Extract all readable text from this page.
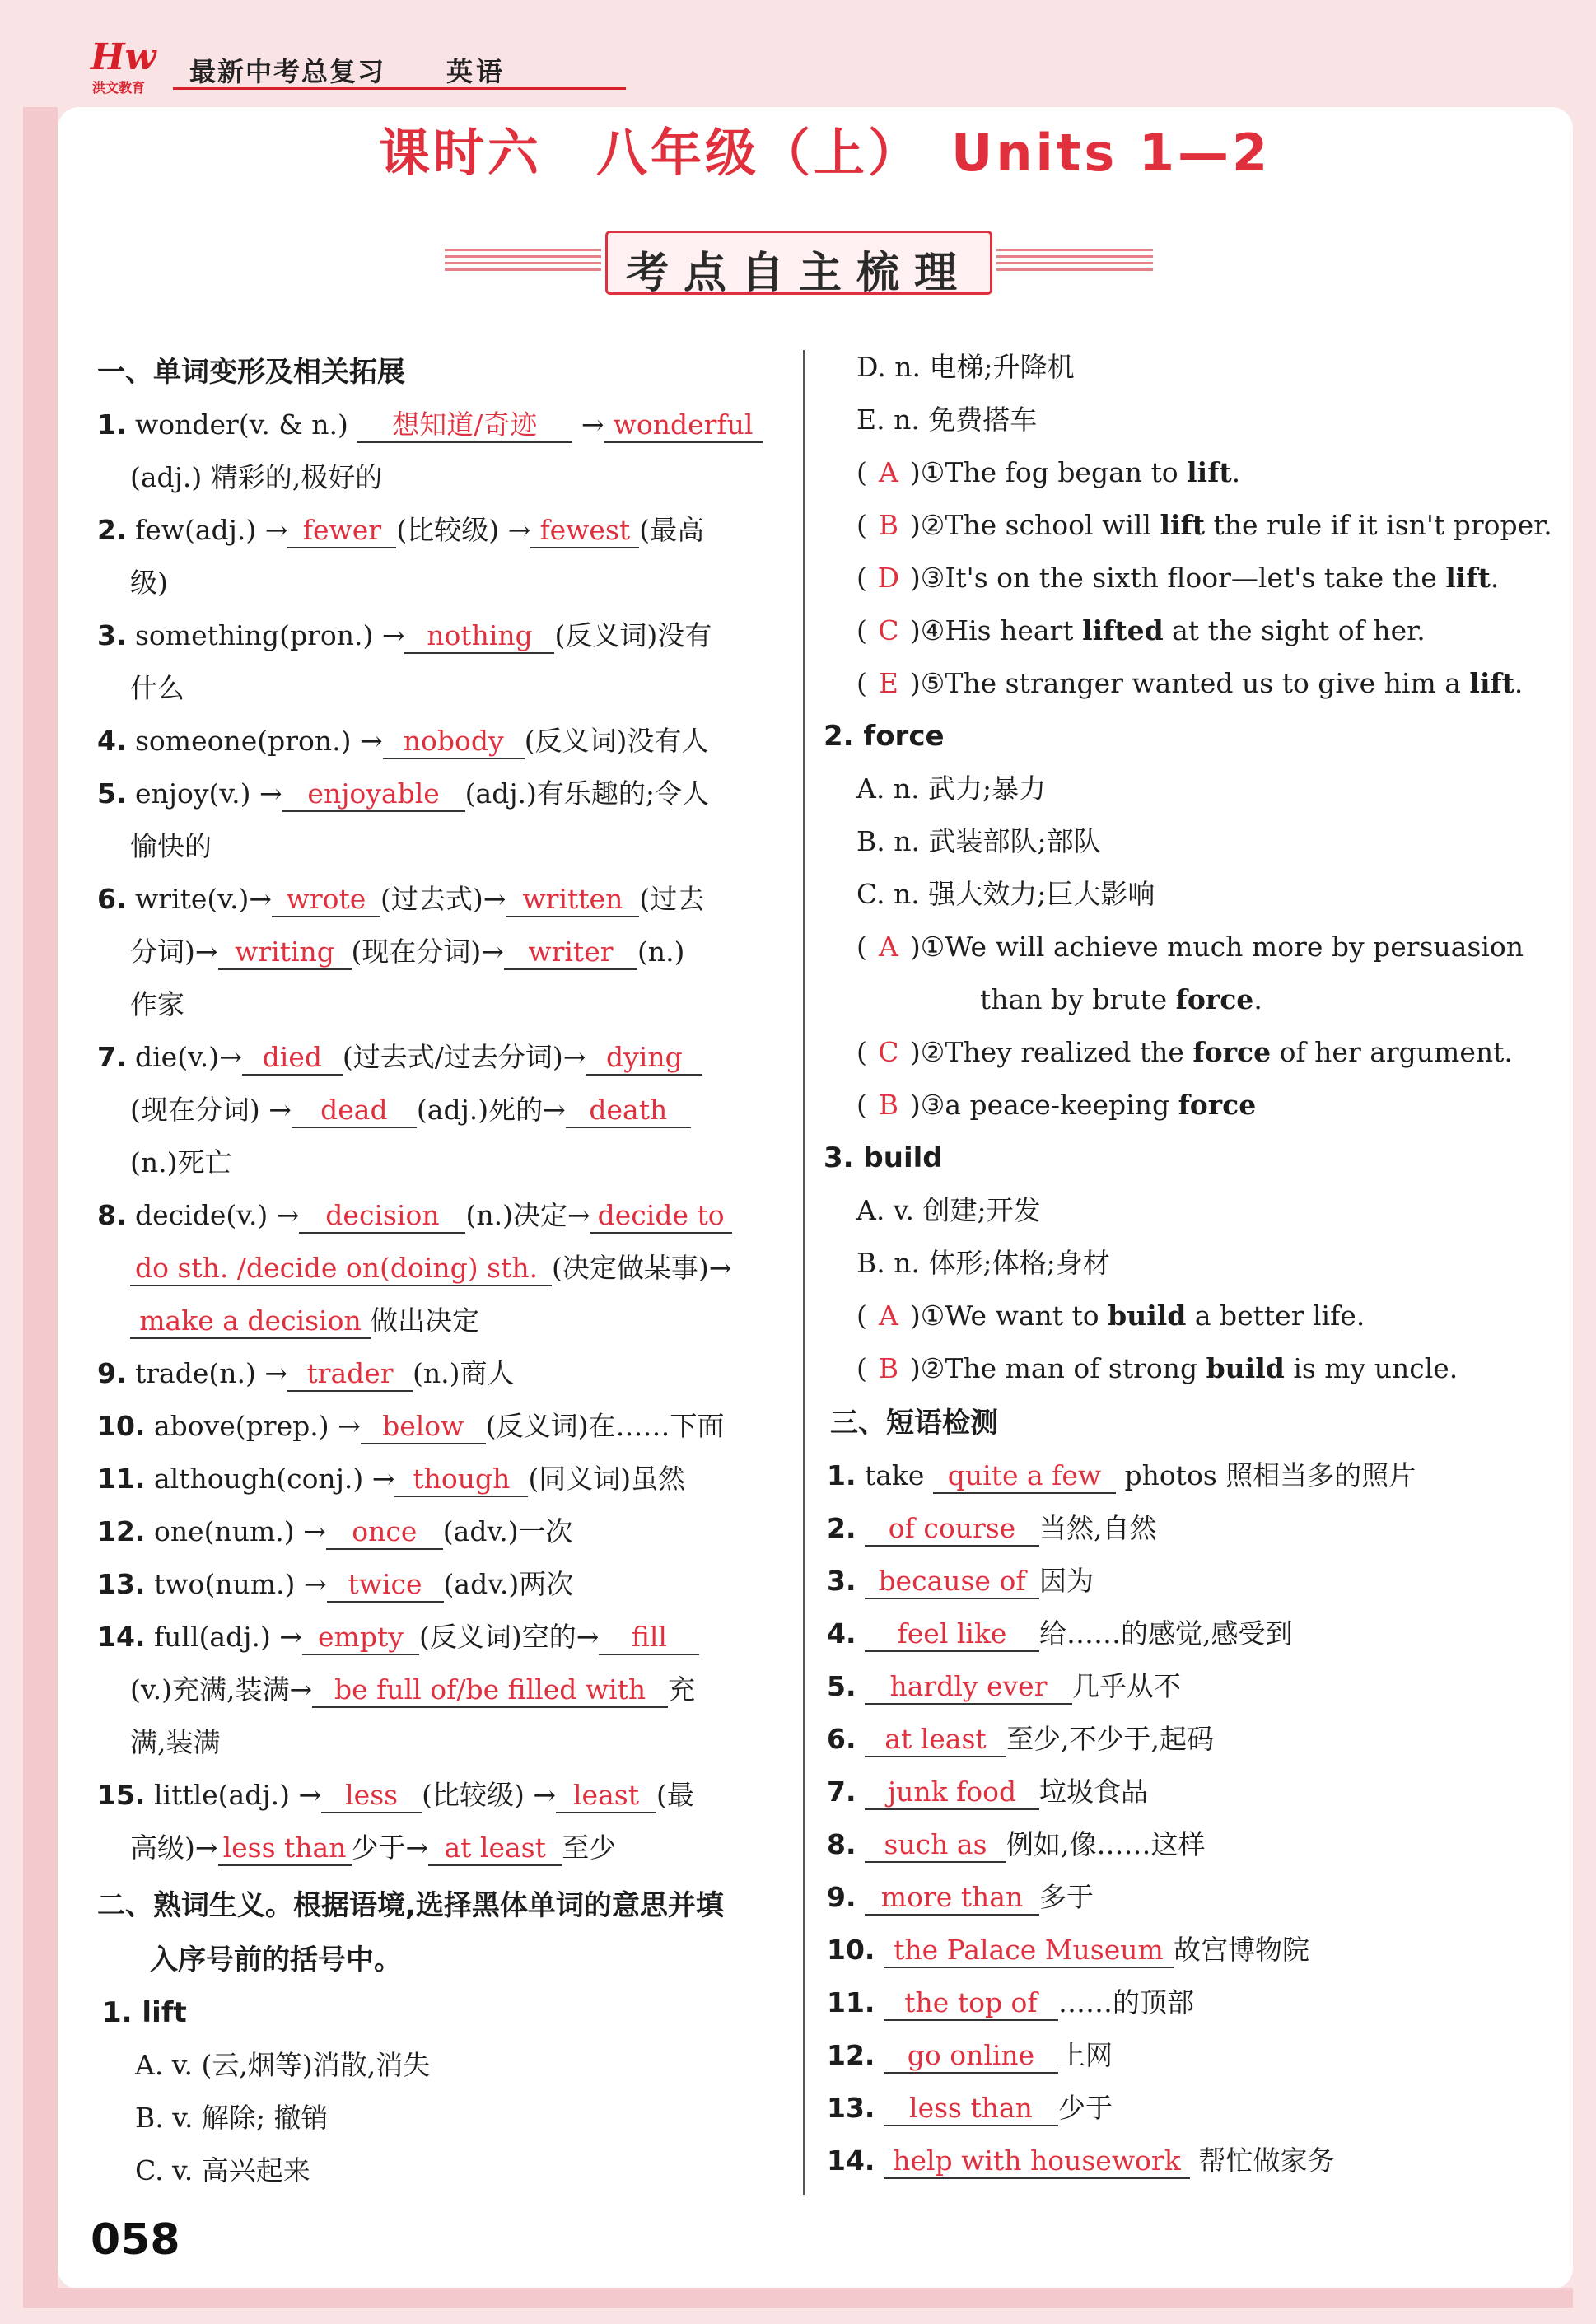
Hw
洪文教育
最新中考总复习 英语
课时六　八年级（上）　Units 1—2
考点自主梳理
一、单词变形及相关拓展
1. wonder(v. & n.) 想知道/奇迹 → wonderful
(adj.) 精彩的,极好的
2. few(adj.) → fewer (比较级) → fewest (最高
级)
3. something(pron.) → nothing (反义词)没有
什么
4. someone(pron.) → nobody (反义词)没有人
5. enjoy(v.) → enjoyable (adj.)有乐趣的;令人
愉快的
6. write(v.)→ wrote (过去式)→ written (过去
分词)→ writing (现在分词)→ writer (n.)
作家
7. die(v.)→ died (过去式/过去分词)→ dying
(现在分词) → dead (adj.)死的→ death
(n.)死亡
8. decide(v.) → decision (n.)决定→ decide to
do sth. /decide on(doing) sth. (决定做某事)→
make a decision 做出决定
9. trade(n.) → trader (n.)商人
10. above(prep.) → below (反义词)在……下面
11. although(conj.) → though (同义词)虽然
12. one(num.) → once (adv.)一次
13. two(num.) → twice (adv.)两次
14. full(adj.) → empty (反义词)空的→ fill
(v.)充满,装满→ be full of/be filled with 充
满,装满
15. little(adj.) → less (比较级) → least (最
高级)→ less than 少于→ at least 至少
二、熟词生义。根据语境,选择黑体单词的意思并填
入序号前的括号中。
1. lift
A. v. (云,烟等)消散,消失
B. v. 解除; 撤销
C. v. 高兴起来
058
D. n. 电梯;升降机
E. n. 免费搭车
( A )①The fog began to lift.
( B )②The school will lift the rule if it isn't proper.
( D )③It's on the sixth floor—let's take the lift.
( C )④His heart lifted at the sight of her.
( E )⑤The stranger wanted us to give him a lift.
2. force
A. n. 武力;暴力
B. n. 武装部队;部队
C. n. 强大效力;巨大影响
( A )①We will achieve much more by persuasion
than by brute force.
( C )②They realized the force of her argument.
( B )③a peace-keeping force
3. build
A. v. 创建;开发
B. n. 体形;体格;身材
( A )①We want to build a better life.
( B )②The man of strong build is my uncle.
三、短语检测
1. take quite a few photos 照相当多的照片
2. of course 当然,自然
3. because of 因为
4. feel like 给……的感觉,感受到
5. hardly ever 几乎从不
6. at least 至少,不少于,起码
7. junk food 垃圾食品
8. such as 例如,像……这样
9. more than 多于
10. the Palace Museum 故宫博物院
11. the top of ……的顶部
12. go online 上网
13. less than 少于
14. help with housework 帮忙做家务
